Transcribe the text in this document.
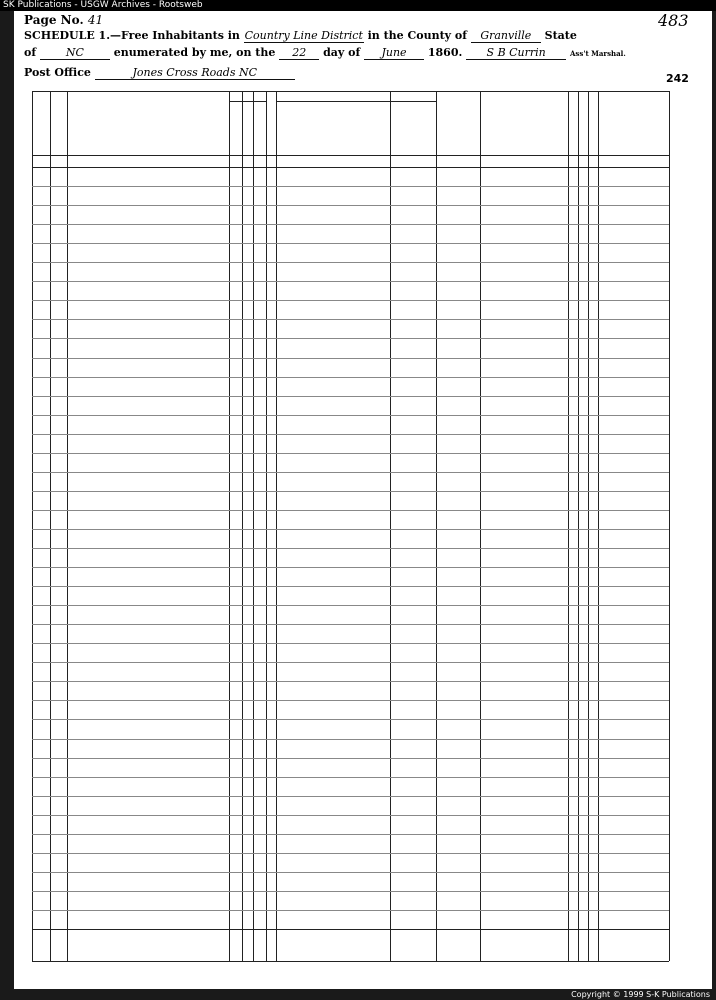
SK Publications - USGW Archives - Rootsweb
Page No. 41	483
SCHEDULE 1.—Free Inhabitants in Country Line District in the County of Granville State
of	NC	enumerated by me, on the 22 day of June 1860. S B Currin	Ass't Marshal.
Post Office	Jones Cross Roads NC	242
Copyright © 1999 S-K Publications
